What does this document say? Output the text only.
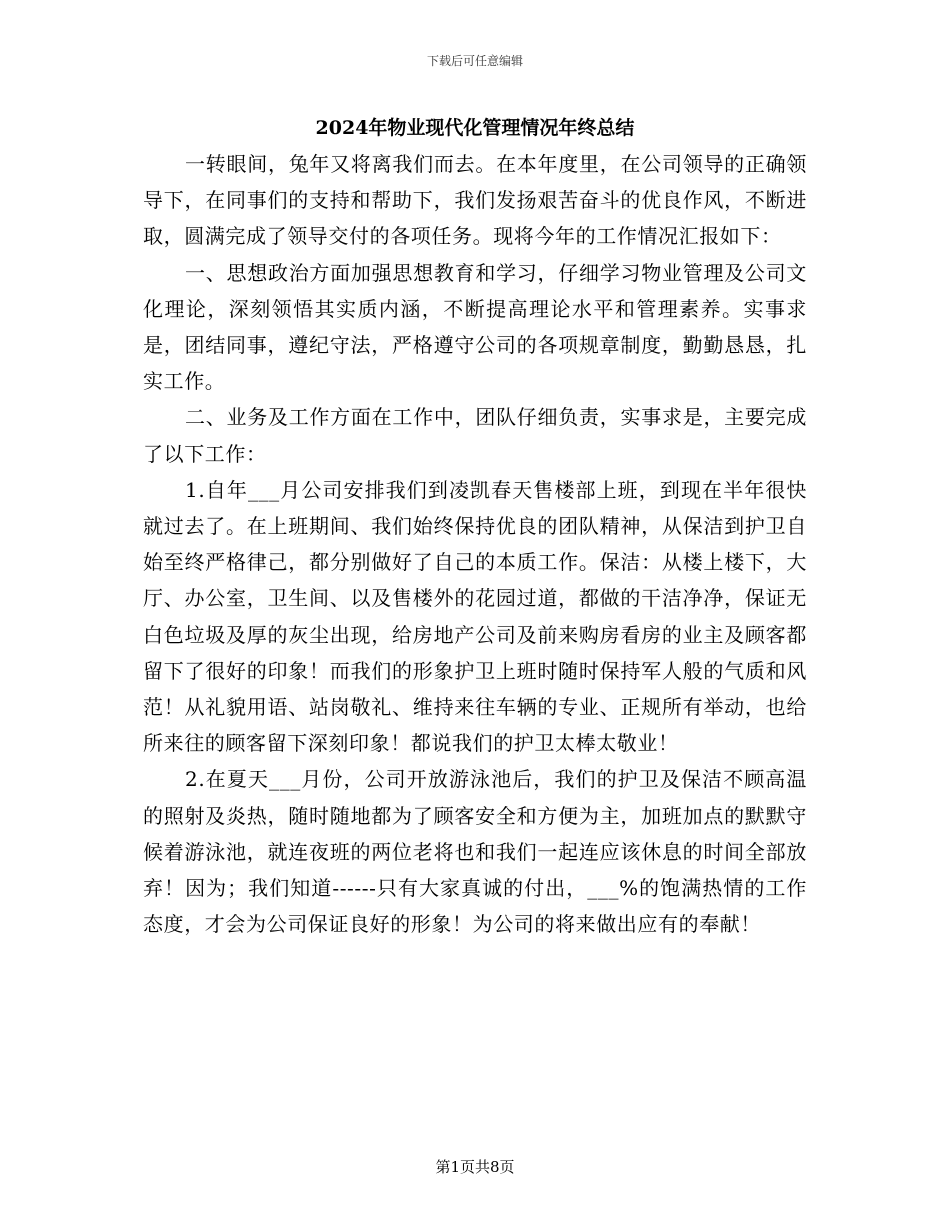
下载后可任意编辑
2024年物业现代化管理情况年终总结

一转眼间，兔年又将离我们而去。在本年度里，在公司领导的正确领导下，在同事们的支持和帮助下，我们发扬艰苦奋斗的优良作风，不断进取，圆满完成了领导交付的各项任务。现将今年的工作情况汇报如下：

一、思想政治方面加强思想教育和学习，仔细学习物业管理及公司文化理论，深刻领悟其实质内涵，不断提高理论水平和管理素养。实事求是，团结同事，遵纪守法，严格遵守公司的各项规章制度，勤勤恳恳，扎实工作。

二、业务及工作方面在工作中，团队仔细负责，实事求是，主要完成了以下工作：

1.自年___月公司安排我们到凌凯春天售楼部上班，到现在半年很快就过去了。在上班期间、我们始终保持优良的团队精神，从保洁到护卫自始至终严格律己，都分别做好了自己的本质工作。保洁：从楼上楼下，大厅、办公室，卫生间、以及售楼外的花园过道，都做的干洁净净，保证无白色垃圾及厚的灰尘出现，给房地产公司及前来购房看房的业主及顾客都留下了很好的印象！而我们的形象护卫上班时随时保持军人般的气质和风范！从礼貌用语、站岗敬礼、维持来往车辆的专业、正规所有举动，也给所来往的顾客留下深刻印象！都说我们的护卫太棒太敬业！

2.在夏天___月份，公司开放游泳池后，我们的护卫及保洁不顾高温的照射及炎热，随时随地都为了顾客安全和方便为主，加班加点的默默守候着游泳池，就连夜班的两位老将也和我们一起连应该休息的时间全部放弃！因为；我们知道------只有大家真诚的付出，___%的饱满热情的工作态度，才会为公司保证良好的形象！为公司的将来做出应有的奉献！

第1页共8页
